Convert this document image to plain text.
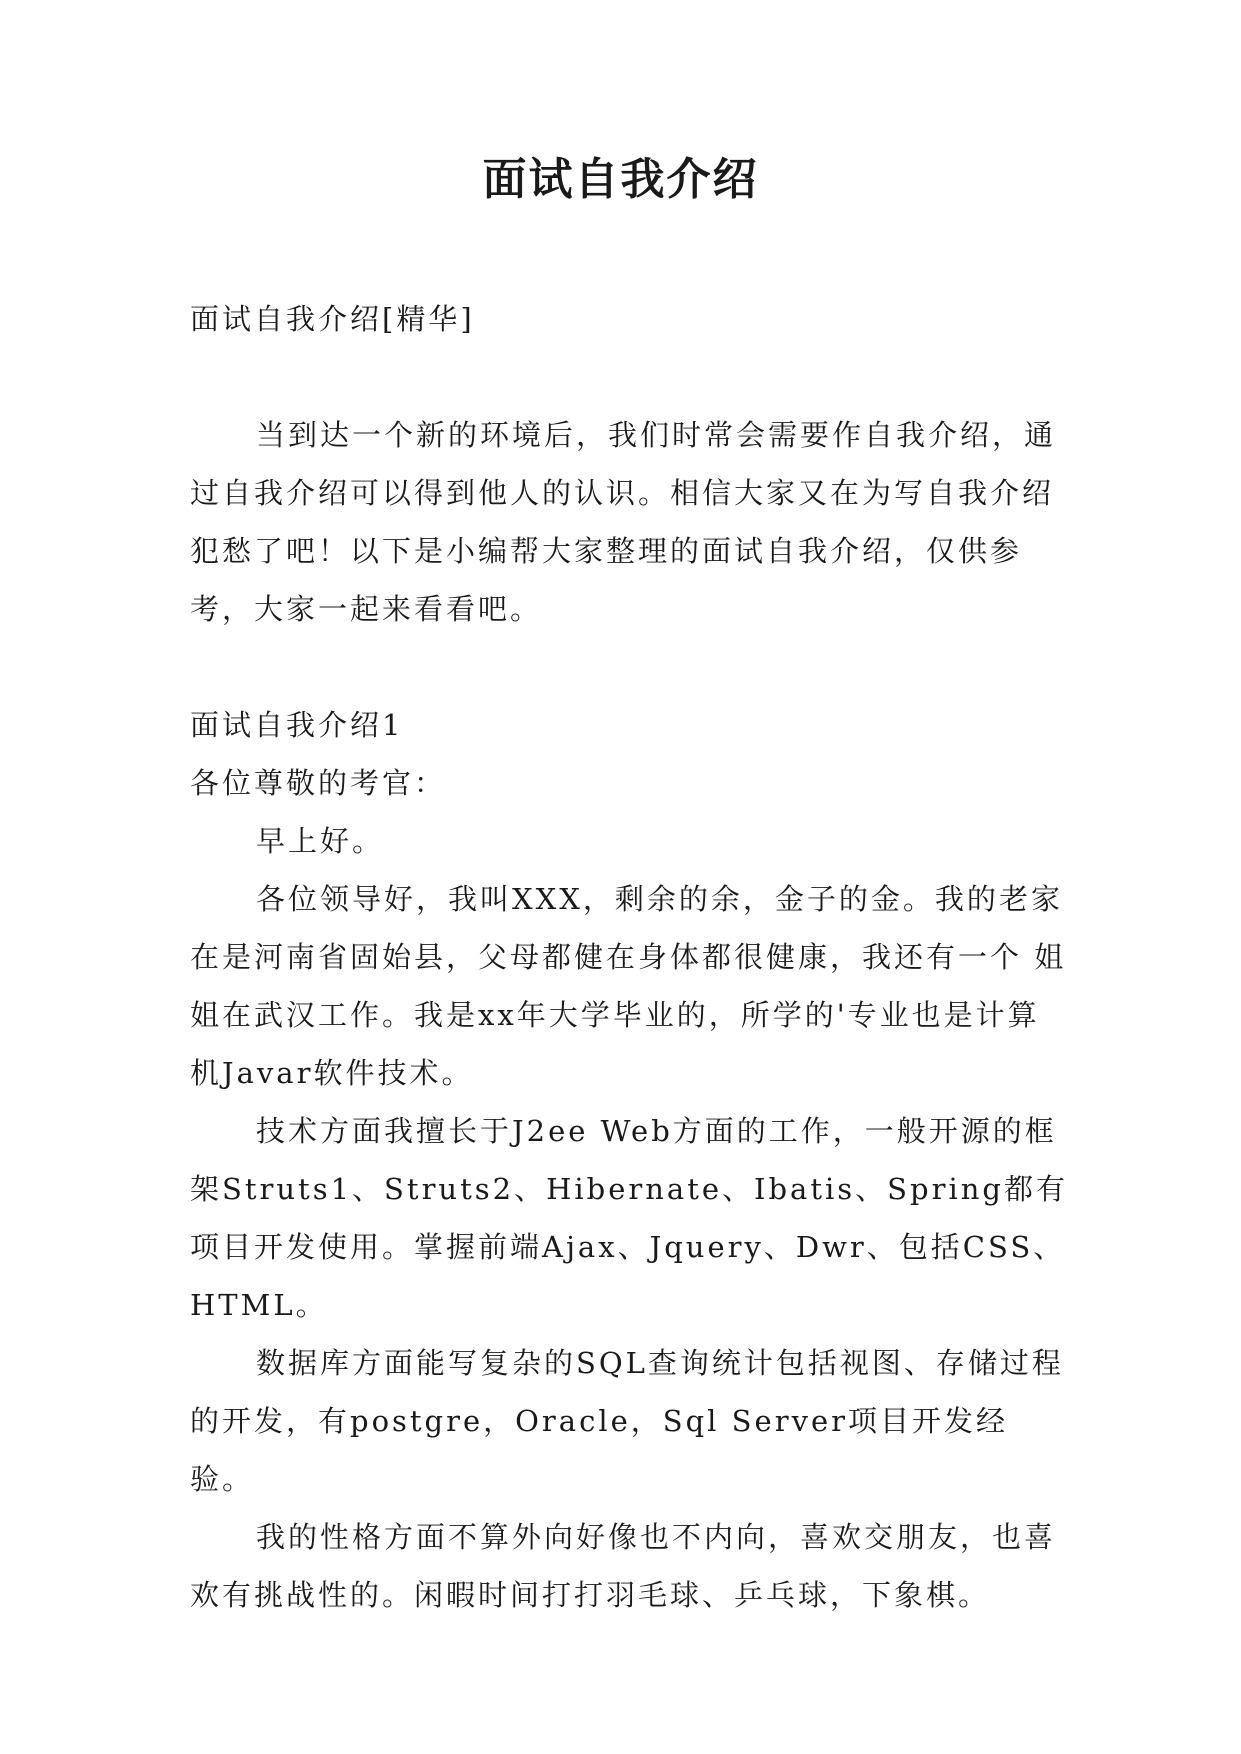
面试自我介绍
面试自我介绍[精华]

当到达一个新的环境后，我们时常会需要作自我介绍，通过自我介绍可以得到他人的认识。相信大家又在为写自我介绍犯愁了吧！以下是小编帮大家整理的面试自我介绍，仅供参考，大家一起来看看吧。

面试自我介绍1

各位尊敬的考官：

早上好。

各位领导好，我叫XXX，剩余的余，金子的金。我的老家在是河南省固始县，父母都健在身体都很健康，我还有一个 姐姐在武汉工作。我是xx年大学毕业的，所学的'专业也是计算机Javar软件技术。

技术方面我擅长于J2ee Web方面的工作，一般开源的框架Struts1、Struts2、Hibernate、Ibatis、Spring都有项目开发使用。掌握前端Ajax、Jquery、Dwr、包括CSS、HTML。

数据库方面能写复杂的SQL查询统计包括视图、存储过程的开发，有postgre，Oracle，Sql Server项目开发经验。

我的性格方面不算外向好像也不内向，喜欢交朋友，也喜欢有挑战性的。闲暇时间打打羽毛球、乒乓球，下象棋。
